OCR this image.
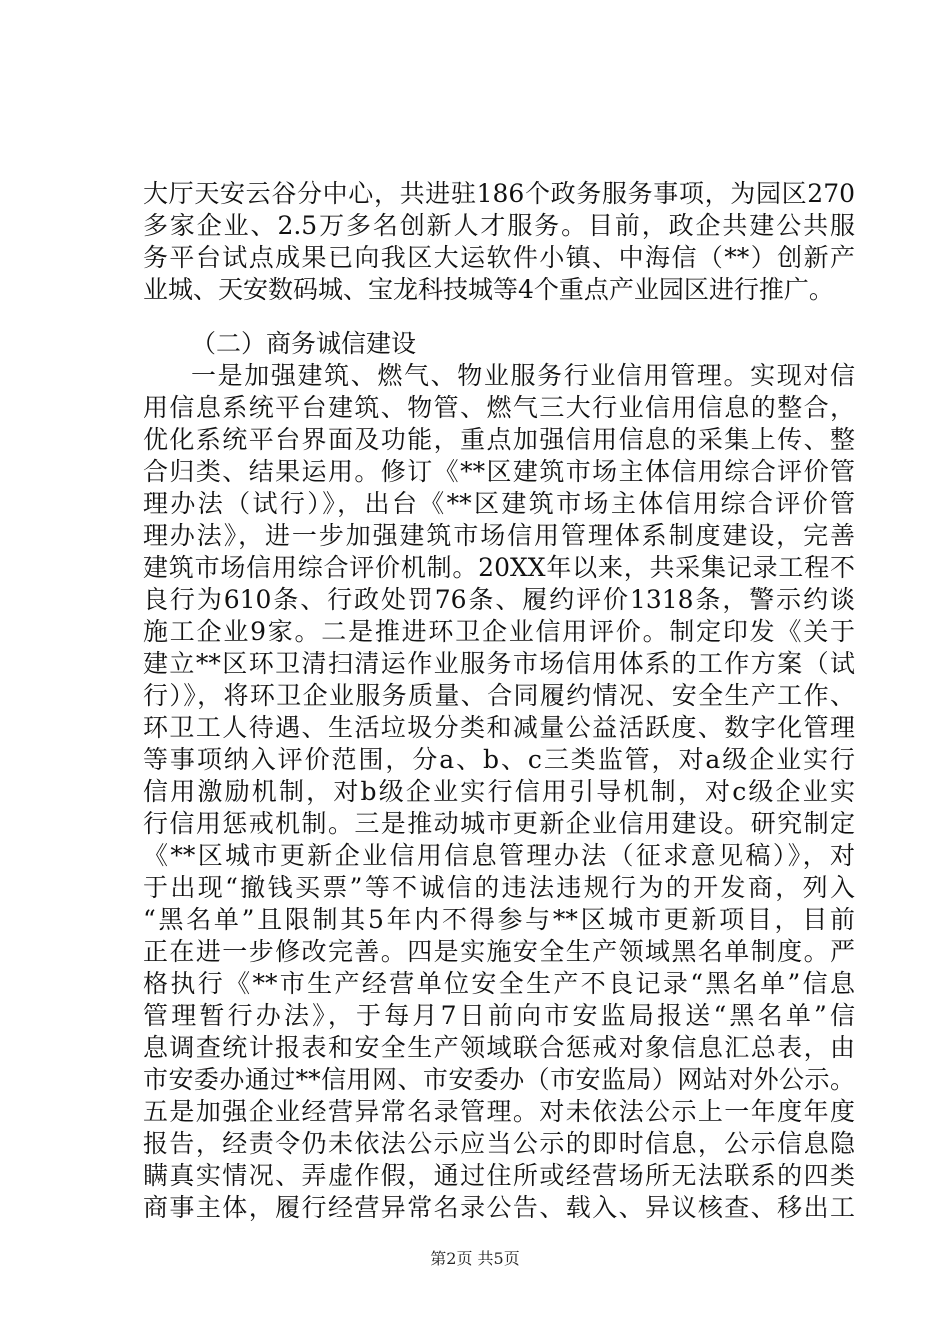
大厅天安云谷分中心，共进驻186个政务服务事项，为园区270
多家企业、2.5万多名创新人才服务。目前，政企共建公共服
务平台试点成果已向我区大运软件小镇、中海信（**）创新产
业城、天安数码城、宝龙科技城等4个重点产业园区进行推广。
（二）商务诚信建设
一是加强建筑、燃气、物业服务行业信用管理。实现对信
用信息系统平台建筑、物管、燃气三大行业信用信息的整合，
优化系统平台界面及功能，重点加强信用信息的采集上传、整
合归类、结果运用。修订《**区建筑市场主体信用综合评价管
理办法（试行）》，出台《**区建筑市场主体信用综合评价管
理办法》，进一步加强建筑市场信用管理体系制度建设，完善
建筑市场信用综合评价机制。20XX年以来，共采集记录工程不
良行为610条、行政处罚76条、履约评价1318条，警示约谈
施工企业9家。二是推进环卫企业信用评价。制定印发《关于
建立**区环卫清扫清运作业服务市场信用体系的工作方案（试
行）》，将环卫企业服务质量、合同履约情况、安全生产工作、
环卫工人待遇、生活垃圾分类和减量公益活跃度、数字化管理
等事项纳入评价范围，分a、b、c三类监管，对a级企业实行
信用激励机制，对b级企业实行信用引导机制，对c级企业实
行信用惩戒机制。三是推动城市更新企业信用建设。研究制定
《**区城市更新企业信用信息管理办法（征求意见稿）》，对
于出现“撤钱买票”等不诚信的违法违规行为的开发商，列入
“黑名单”且限制其5年内不得参与**区城市更新项目，目前
正在进一步修改完善。四是实施安全生产领域黑名单制度。严
格执行《**市生产经营单位安全生产不良记录“黑名单”信息
管理暂行办法》，于每月7日前向市安监局报送“黑名单”信
息调查统计报表和安全生产领域联合惩戒对象信息汇总表，由
市安委办通过**信用网、市安委办（市安监局）网站对外公示。
五是加强企业经营异常名录管理。对未依法公示上一年度年度
报告，经责令仍未依法公示应当公示的即时信息，公示信息隐
瞒真实情况、弄虚作假，通过住所或经营场所无法联系的四类
商事主体，履行经营异常名录公告、载入、异议核查、移出工
第2页 共5页
